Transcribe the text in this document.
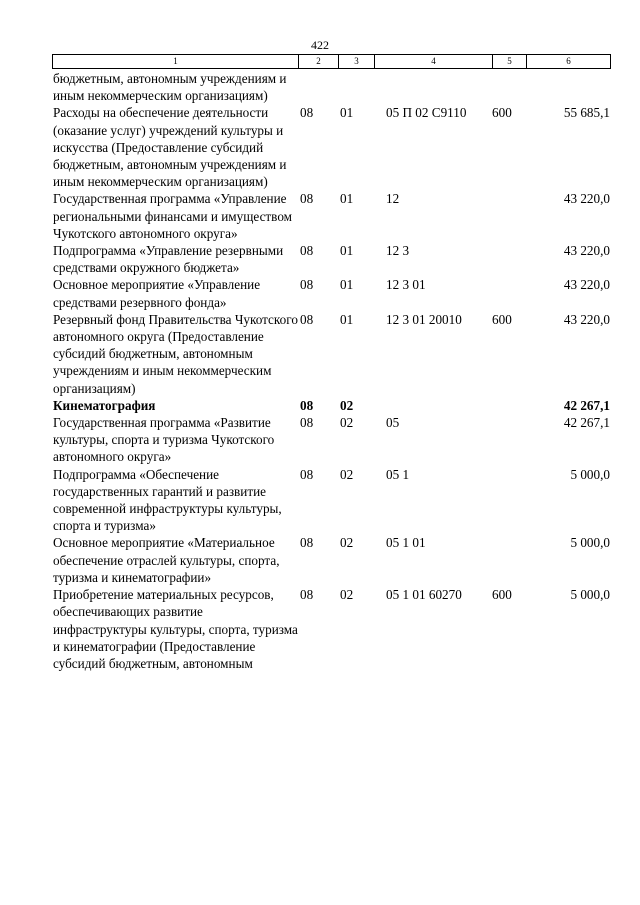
422
1	2	3	4	5	6
бюджетным, автономным учреждениям и иным некоммерческим организациям)					
Расходы на обеспечение деятельности (оказание услуг) учреждений культуры и искусства (Предоставление субсидий бюджетным, автономным учреждениям и иным некоммерческим организациям)	08	01	05 П 02 С9110	600	55 685,1
Государственная программа «Управление региональными финансами и имуществом Чукотского автономного округа»	08	01	12		43 220,0
Подпрограмма «Управление резервными средствами окружного бюджета»	08	01	12 3		43 220,0
Основное мероприятие «Управление средствами резервного фонда»	08	01	12 3 01		43 220,0
Резервный фонд Правительства Чукотского автономного округа (Предоставление субсидий бюджетным, автономным учреждениям и иным некоммерческим организациям)	08	01	12 3 01 20010	600	43 220,0
Кинематография	08	02			42 267,1
Государственная программа «Развитие культуры, спорта и туризма Чукотского автономного округа»	08	02	05		42 267,1
Подпрограмма «Обеспечение государственных гарантий и развитие современной инфраструктуры культуры, спорта и туризма»	08	02	05 1		5 000,0
Основное мероприятие «Материальное обеспечение отраслей культуры, спорта, туризма и кинематографии»	08	02	05 1 01		5 000,0
Приобретение материальных ресурсов, обеспечивающих развитие инфраструктуры культуры, спорта, туризма и кинематографии (Предоставление субсидий бюджетным, автономным	08	02	05 1 01 60270	600	5 000,0
